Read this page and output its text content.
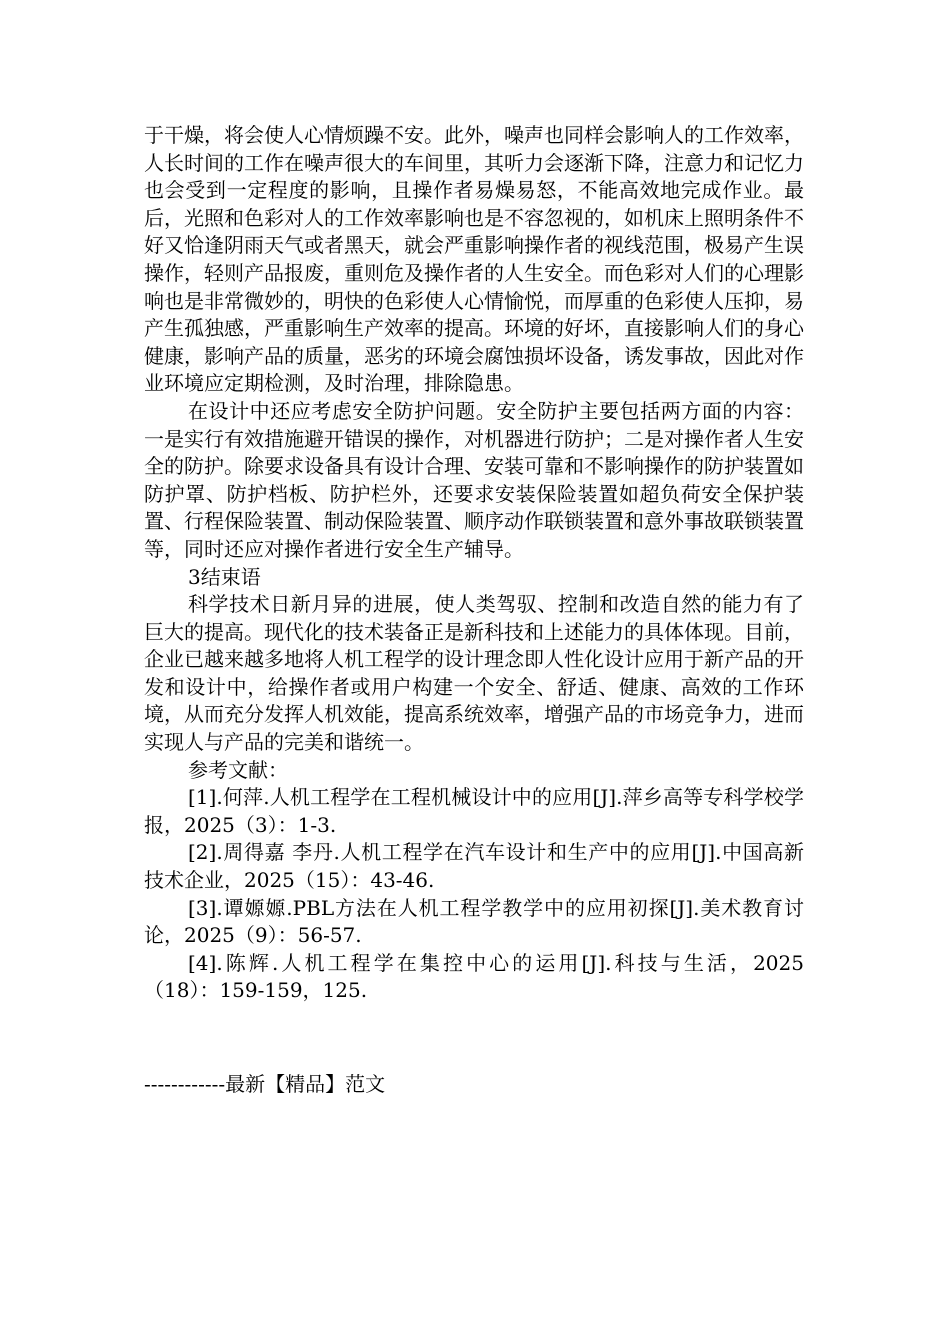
于干燥，将会使人心情烦躁不安。此外，噪声也同样会影响人的工作效率，人长时间的工作在噪声很大的车间里，其听力会逐渐下降，注意力和记忆力也会受到一定程度的影响，且操作者易燥易怒，不能高效地完成作业。最后，光照和色彩对人的工作效率影响也是不容忽视的，如机床上照明条件不好又恰逢阴雨天气或者黑天，就会严重影响操作者的视线范围，极易产生误操作，轻则产品报废，重则危及操作者的人生安全。而色彩对人们的心理影响也是非常微妙的，明快的色彩使人心情愉悦，而厚重的色彩使人压抑，易产生孤独感，严重影响生产效率的提高。环境的好坏，直接影响人们的身心健康，影响产品的质量，恶劣的环境会腐蚀损坏设备，诱发事故，因此对作业环境应定期检测，及时治理，排除隐患。

在设计中还应考虑安全防护问题。安全防护主要包括两方面的内容：一是实行有效措施避开错误的操作，对机器进行防护；二是对操作者人生安全的防护。除要求设备具有设计合理、安装可靠和不影响操作的防护装置如防护罩、防护档板、防护栏外，还要求安装保险装置如超负荷安全保护装置、行程保险装置、制动保险装置、顺序动作联锁装置和意外事故联锁装置等，同时还应对操作者进行安全生产辅导。

3结束语

科学技术日新月异的进展，使人类驾驭、控制和改造自然的能力有了巨大的提高。现代化的技术装备正是新科技和上述能力的具体体现。目前，企业已越来越多地将人机工程学的设计理念即人性化设计应用于新产品的开发和设计中，给操作者或用户构建一个安全、舒适、健康、高效的工作环境，从而充分发挥人机效能，提高系统效率，增强产品的市场竞争力，进而实现人与产品的完美和谐统一。

参考文献：

[1].何萍.人机工程学在工程机械设计中的应用[J].萍乡高等专科学校学报，2025（3）：1-3.

[2].周得嘉 李丹.人机工程学在汽车设计和生产中的应用[J].中国高新技术企业，2025（15）：43-46.

[3].谭嫄嫄.PBL方法在人机工程学教学中的应用初探[J].美术教育讨论，2025（9）：56-57.

[4].陈辉.人机工程学在集控中心的运用[J].科技与生活，2025（18）：159-159，125.

------------最新【精品】范文
